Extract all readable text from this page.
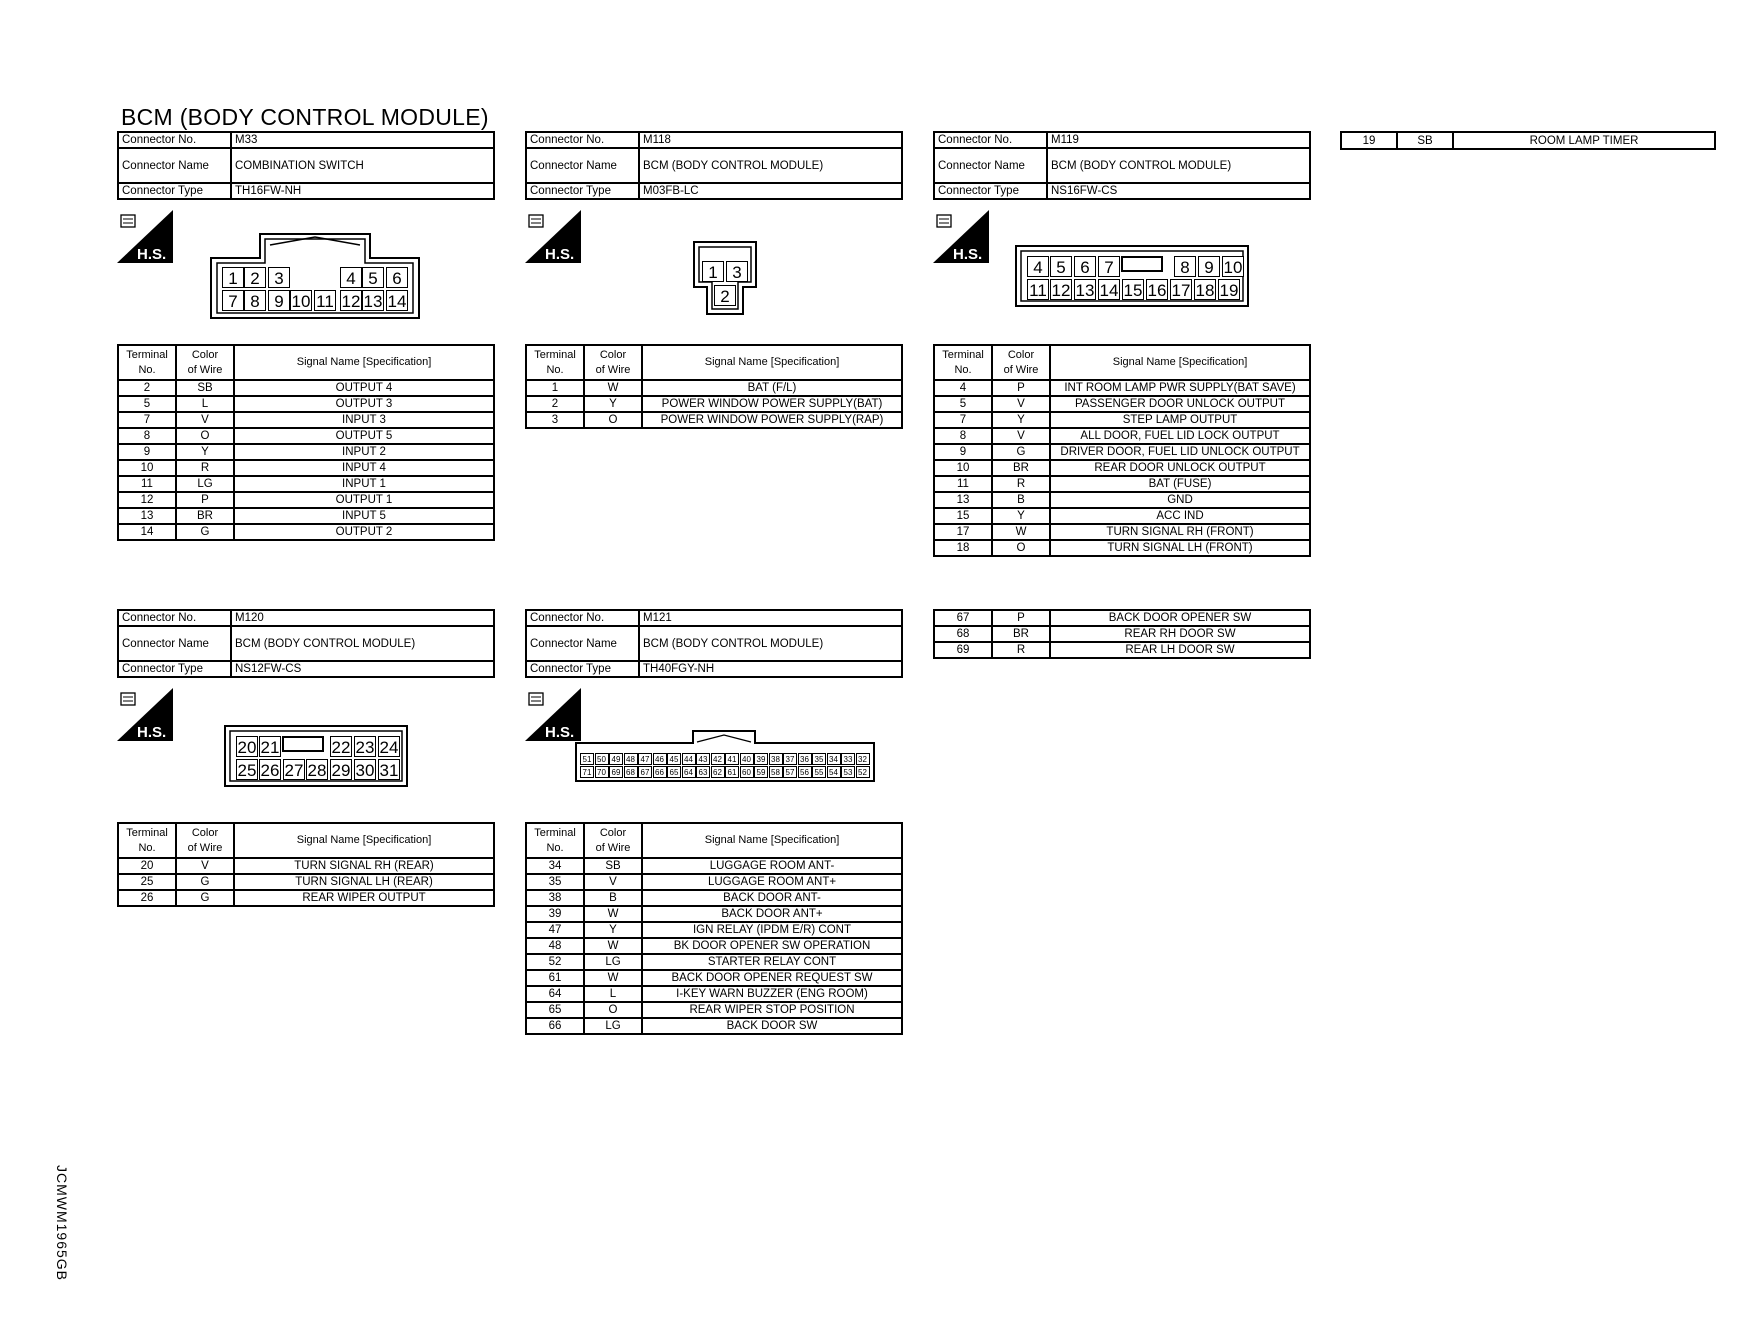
BCM (BODY CONTROL MODULE)
Connector No.	M33
Connector Name	COMBINATION SWITCH
Connector Type	TH16FW-NH
H.S.
1 2 3	4 5 6
7 8 9 10 11 12 13 14
Terminal
No.	Color
of Wire	Signal Name [Specification]
2	SB	OUTPUT 4
5	L	OUTPUT 3
7	V	INPUT 3
8	O	OUTPUT 5
9	Y	INPUT 2
10	R	INPUT 4
11	LG	INPUT 1
12	P	OUTPUT 1
13	BR	INPUT 5
14	G	OUTPUT 2
Connector No.	M118
Connector Name	BCM (BODY CONTROL MODULE)
Connector Type	M03FB-LC
H.S.
1 3
2
Terminal
No.	Color
of Wire	Signal Name [Specification]
1	W	BAT (F/L)
2	Y	POWER WINDOW POWER SUPPLY(BAT)
3	O	POWER WINDOW POWER SUPPLY(RAP)
Connector No.	M119
Connector Name	BCM (BODY CONTROL MODULE)
Connector Type	NS16FW-CS
H.S.
4 5 6 7	8 9 10
11 12 13 14 15 16 17 18 19
Terminal
No.	Color
of Wire	Signal Name [Specification]
4	P	INT ROOM LAMP PWR SUPPLY(BAT SAVE)
5	V	PASSENGER DOOR UNLOCK OUTPUT
7	Y	STEP LAMP OUTPUT
8	V	ALL DOOR, FUEL LID LOCK OUTPUT
9	G	DRIVER DOOR, FUEL LID UNLOCK OUTPUT
10	BR	REAR DOOR UNLOCK OUTPUT
11	R	BAT (FUSE)
13	B	GND
15	Y	ACC IND
17	W	TURN SIGNAL RH (FRONT)
18	O	TURN SIGNAL LH (FRONT)
19	SB	ROOM LAMP TIMER
Connector No.	M120
Connector Name	BCM (BODY CONTROL MODULE)
Connector Type	NS12FW-CS
H.S.
20 21	22 23 24
25 26 27 28 29 30 31
Terminal
No.	Color
of Wire	Signal Name [Specification]
20	V	TURN SIGNAL RH (REAR)
25	G	TURN SIGNAL LH (REAR)
26	G	REAR WIPER OUTPUT
Connector No.	M121
Connector Name	BCM (BODY CONTROL MODULE)
Connector Type	TH40FGY-NH
H.S.
51 50 49 48 47 46 45 44 43 42 41 40 39 38 37 36 35 34 33 32
71 70 69 68 67 66 65 64 63 62 61 60 59 58 57 56 55 54 53 52
Terminal
No.	Color
of Wire	Signal Name [Specification]
34	SB	LUGGAGE ROOM ANT-
35	V	LUGGAGE ROOM ANT+
38	B	BACK DOOR ANT-
39	W	BACK DOOR ANT+
47	Y	IGN RELAY (IPDM E/R) CONT
48	W	BK DOOR OPENER SW OPERATION
52	LG	STARTER RELAY CONT
61	W	BACK DOOR OPENER REQUEST SW
64	L	I-KEY WARN BUZZER (ENG ROOM)
65	O	REAR WIPER STOP POSITION
66	LG	BACK DOOR SW
67	P	BACK DOOR OPENER SW
68	BR	REAR RH DOOR SW
69	R	REAR LH DOOR SW
JCMWM1965GB
